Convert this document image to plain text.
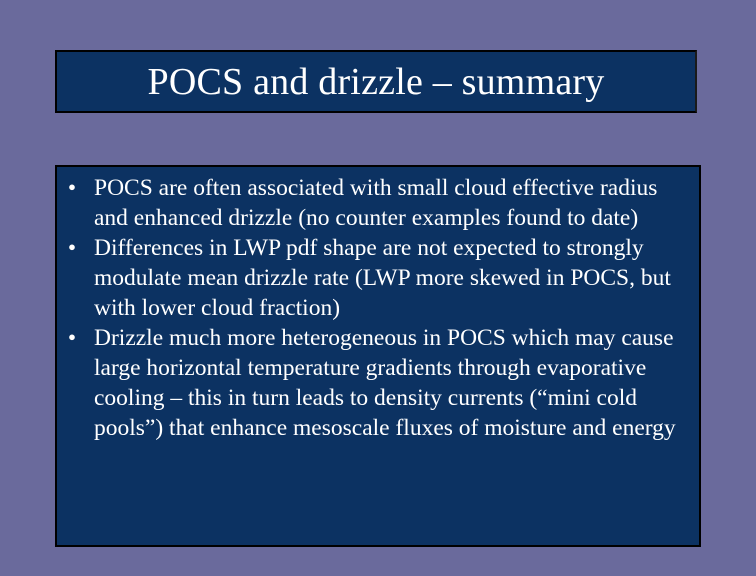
POCS and drizzle – summary
• POCS are often associated with small cloud effective radius and enhanced drizzle (no counter examples found to date)
• Differences in LWP pdf shape are not expected to strongly modulate mean drizzle rate (LWP more skewed in POCS, but with lower cloud fraction)
• Drizzle much more heterogeneous in POCS which may cause large horizontal temperature gradients through evaporative cooling – this in turn leads to density currents (“mini cold pools”) that enhance mesoscale fluxes of moisture and energy
